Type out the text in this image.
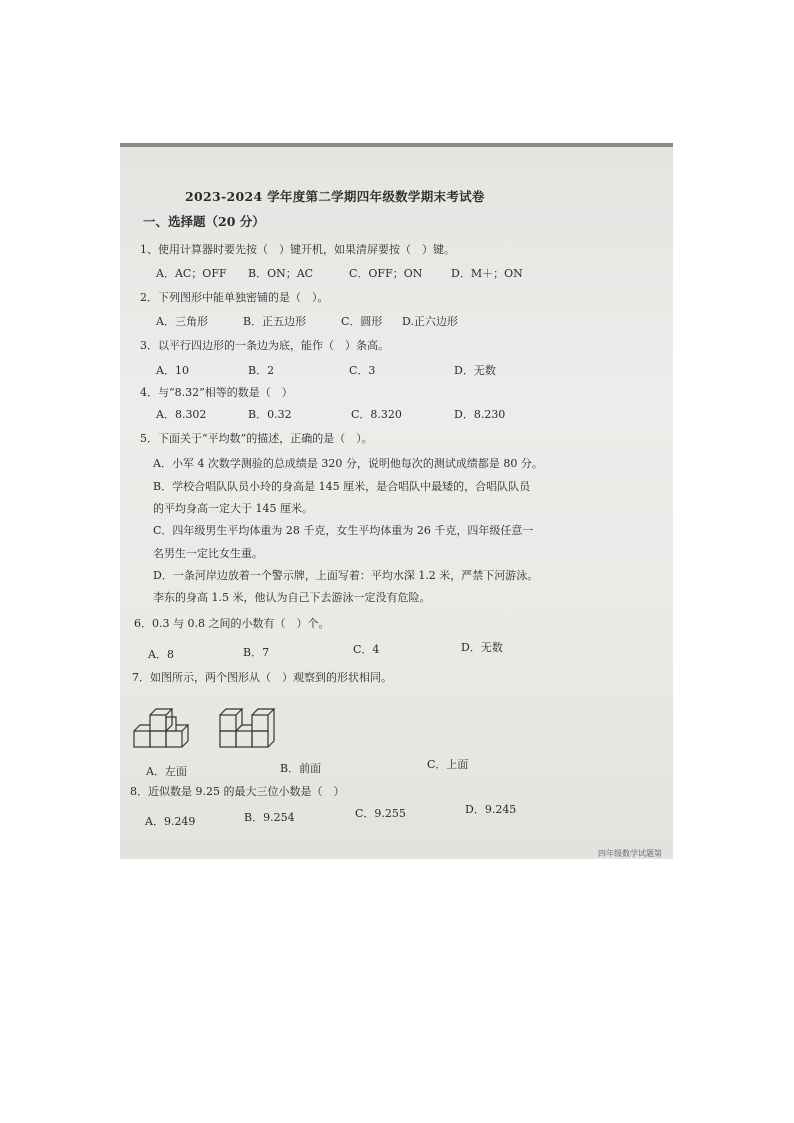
2023-2024 学年度第二学期四年级数学期末考试卷
一、选择题（20 分）
1、使用计算器时要先按（　）键开机，如果清屏要按（　）键。
A．AC；OFF B．ON；AC	C．OFF；ON	D．M＋；ON
2．下列图形中能单独密铺的是（　）。
A．三角形	B．正五边形	C．圆形 D.正六边形
3．以平行四边形的一条边为底，能作（　）条高。
A．10	B．2	C．3	D．无数
4．与“8.32”相等的数是（　）
A．8.302	B．0.32	C．8.320	D．8.230
5．下面关于“平均数”的描述，正确的是（　）。
A．小军 4 次数学测验的总成绩是 320 分，说明他每次的测试成绩都是 80 分。
B．学校合唱队队员小玲的身高是 145 厘米，是合唱队中最矮的，合唱队队员
的平均身高一定大于 145 厘米。
C．四年级男生平均体重为 28 千克，女生平均体重为 26 千克，四年级任意一
名男生一定比女生重。
D．一条河岸边放着一个警示牌，上面写着：平均水深 1.2 米，严禁下河游泳。
李东的身高 1.5 米，他认为自己下去游泳一定没有危险。
6．0.3 与 0.8 之间的小数有（　）个。
A．8	B．7	C．4	D．无数
7．如图所示，两个图形从（　）观察到的形状相同。
A．左面	B．前面	C．上面
8．近似数是 9.25 的最大三位小数是（　）
A．9.249	B．9.254	C．9.255	D．9.245
四年级数学试题第
